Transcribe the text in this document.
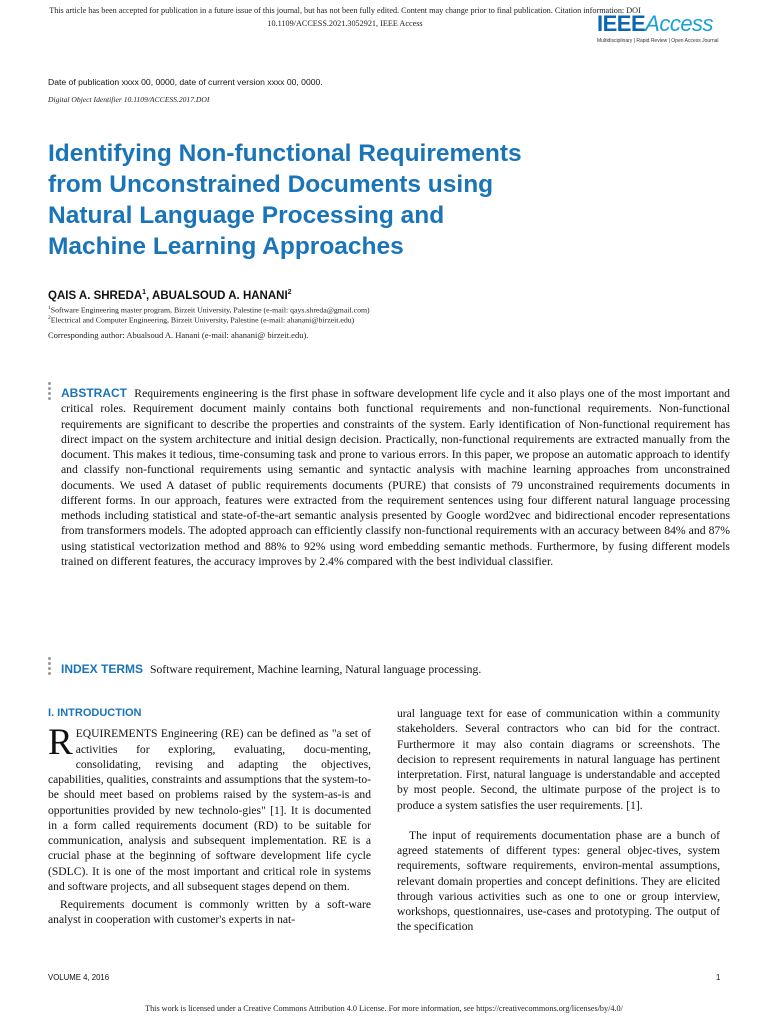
This article has been accepted for publication in a future issue of this journal, but has not been fully edited. Content may change prior to final publication. Citation information: DOI
10.1109/ACCESS.2021.3052921, IEEE Access	IEEE Access
Multidisciplinary | Rapid Review | Open Access Journal
Date of publication xxxx 00, 0000, date of current version xxxx 00, 0000.
Digital Object Identifier 10.1109/ACCESS.2017.DOI
Identifying Non-functional Requirements
from Unconstrained Documents using
Natural Language Processing and
Machine Learning Approaches
QAIS A. SHREDA$^1$, ABUALSOUD A. HANANI$^2$
$^1$Software Engineering master program, Birzeit University, Palestine (e-mail: qays.shreda@gmail.com)
$^2$Electrical and Computer Engineering, Birzeit University, Palestine (e-mail: ahanani@birzeit.edu)
Corresponding author: Abualsoud A. Hanani (e-mail: ahanani@ birzeit.edu).
ABSTRACT Requirements engineering is the first phase in software development life cycle and it also plays one of the most important and critical roles. Requirement document mainly contains both functional requirements and non-functional requirements. Non-functional requirements are significant to describe the properties and constraints of the system. Early identification of Non-functional requirement has direct impact on the system architecture and initial design decision. Practically, non-functional requirements are extracted manually from the document. This makes it tedious, time-consuming task and prone to various errors. In this paper, we propose an automatic approach to identify and classify non-functional requirements using semantic and syntactic analysis with machine learning approaches from unconstrained documents. We used A dataset of public requirements documents (PURE) that consists of 79 unconstrained requirements documents in different forms. In our approach, features were extracted from the requirement sentences using four different natural language processing methods including statistical and state-of-the-art semantic analysis presented by Google word2vec and bidirectional encoder representations from transformers models. The adopted approach can efficiently classify non-functional requirements with an accuracy between 84% and 87% using statistical vectorization method and 88% to 92% using word embedding semantic methods. Furthermore, by fusing different models trained on different features, the accuracy improves by 2.4% compared with the best individual classifier.
INDEX TERMS Software requirement, Machine learning, Natural language processing.
I. INTRODUCTION

REQUIREMENTS Engineering (RE) can be defined as "a set of activities for exploring, evaluating, docu-menting, consolidating, revising and adapting the objectives, capabilities, qualities, constraints and assumptions that the system-to-be should meet based on problems raised by the system-as-is and opportunities provided by new technolo-gies" [1]. It is documented in a form called requirements document (RD) to be suitable for communication, analysis and subsequent implementation. RE is a crucial phase at the beginning of software development life cycle (SDLC). It is one of the most important and critical role in systems and software projects, and all subsequent stages depend on them.

Requirements document is commonly written by a soft-ware analyst in cooperation with customer's experts in nat-

ural language text for ease of communication within a community stakeholders. Several contractors who can bid for the contract. Furthermore it may also contain diagrams or screenshots. The decision to represent requirements in natural language has pertinent interpretation. First, natural language is understandable and accepted by most people. Second, the ultimate purpose of the project is to produce a system satisfies the user requirements. [1].

The input of requirements documentation phase are a bunch of agreed statements of different types: general objec-tives, system requirements, software requirements, environ-mental assumptions, relevant domain properties and concept definitions. They are elicited through various activities such as one to one or group interview, workshops, questionnaires, use-cases and prototyping. The output of the specification

VOLUME 4, 2016	1
This work is licensed under a Creative Commons Attribution 4.0 License. For more information, see https://creativecommons.org/licenses/by/4.0/
